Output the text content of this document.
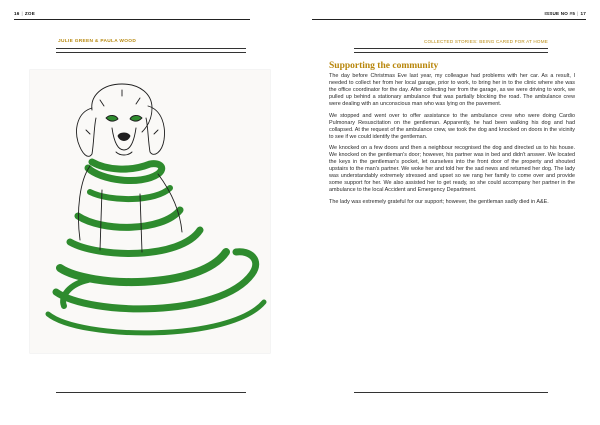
16 | ZOE
JULIE GREEN & PAULA WOOD
ISSUE NO #5 | 17
COLLECTED STORIES: BEING CARED FOR AT HOME
Supporting the community

The day before Christmas Eve last year, my colleague had problems with her car. As a result, I needed to collect her from her local garage, prior to work, to bring her in to the clinic where she was the office coordinator for the day. After collecting her from the garage, as we were driving to work, we pulled up behind a stationary ambulance that was partially blocking the road. The ambulance crew were dealing with an unconscious man who was lying on the pavement.

We stopped and went over to offer assistance to the ambulance crew who were doing Cardio Pulmonary Resuscitation on the gentleman. Apparently, he had been walking his dog and had collapsed. At the request of the ambulance crew, we took the dog and knocked on doors in the vicinity to see if we could identify the gentleman.

We knocked on a few doors and then a neighbour recognised the dog and directed us to his house. We knocked on the gentleman's door; however, his partner was in bed and didn't answer. We located the keys in the gentleman's pocket, let ourselves into the front door of the property and shouted upstairs to the man's partner. We woke her and told her the sad news and returned her dog. The lady was understandably extremely stressed and upset so we rang her family to come over and provide some support for her. We also assisted her to get ready, so she could accompany her partner in the ambulance to the local Accident and Emergency Department.

The lady was extremely grateful for our support; however, the gentleman sadly died in A&E.
